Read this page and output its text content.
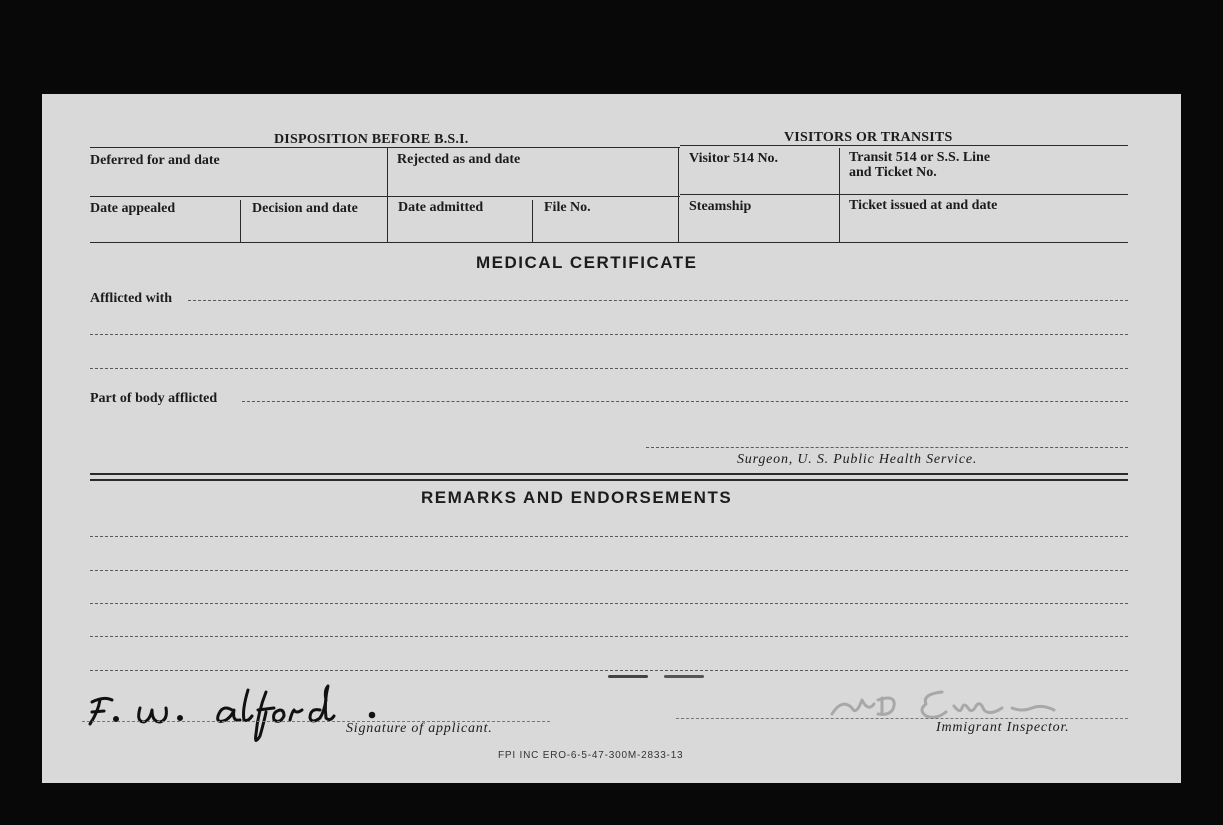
DISPOSITION BEFORE B.S.I.	VISITORS OR TRANSITS
Deferred for and date	Rejected as and date	Visitor 514 No.	Transit 514 or S.S. Line
and Ticket No.
Date appealed	Decision and date	Date admitted	File No.	Steamship	Ticket issued at and date
MEDICAL CERTIFICATE
Afflicted with
Part of body afflicted
Surgeon, U. S. Public Health Service.
REMARKS AND ENDORSEMENTS
Signature of applicant.	Immigrant Inspector.
FPI INC ERO-6-5-47-300M-2833-13
